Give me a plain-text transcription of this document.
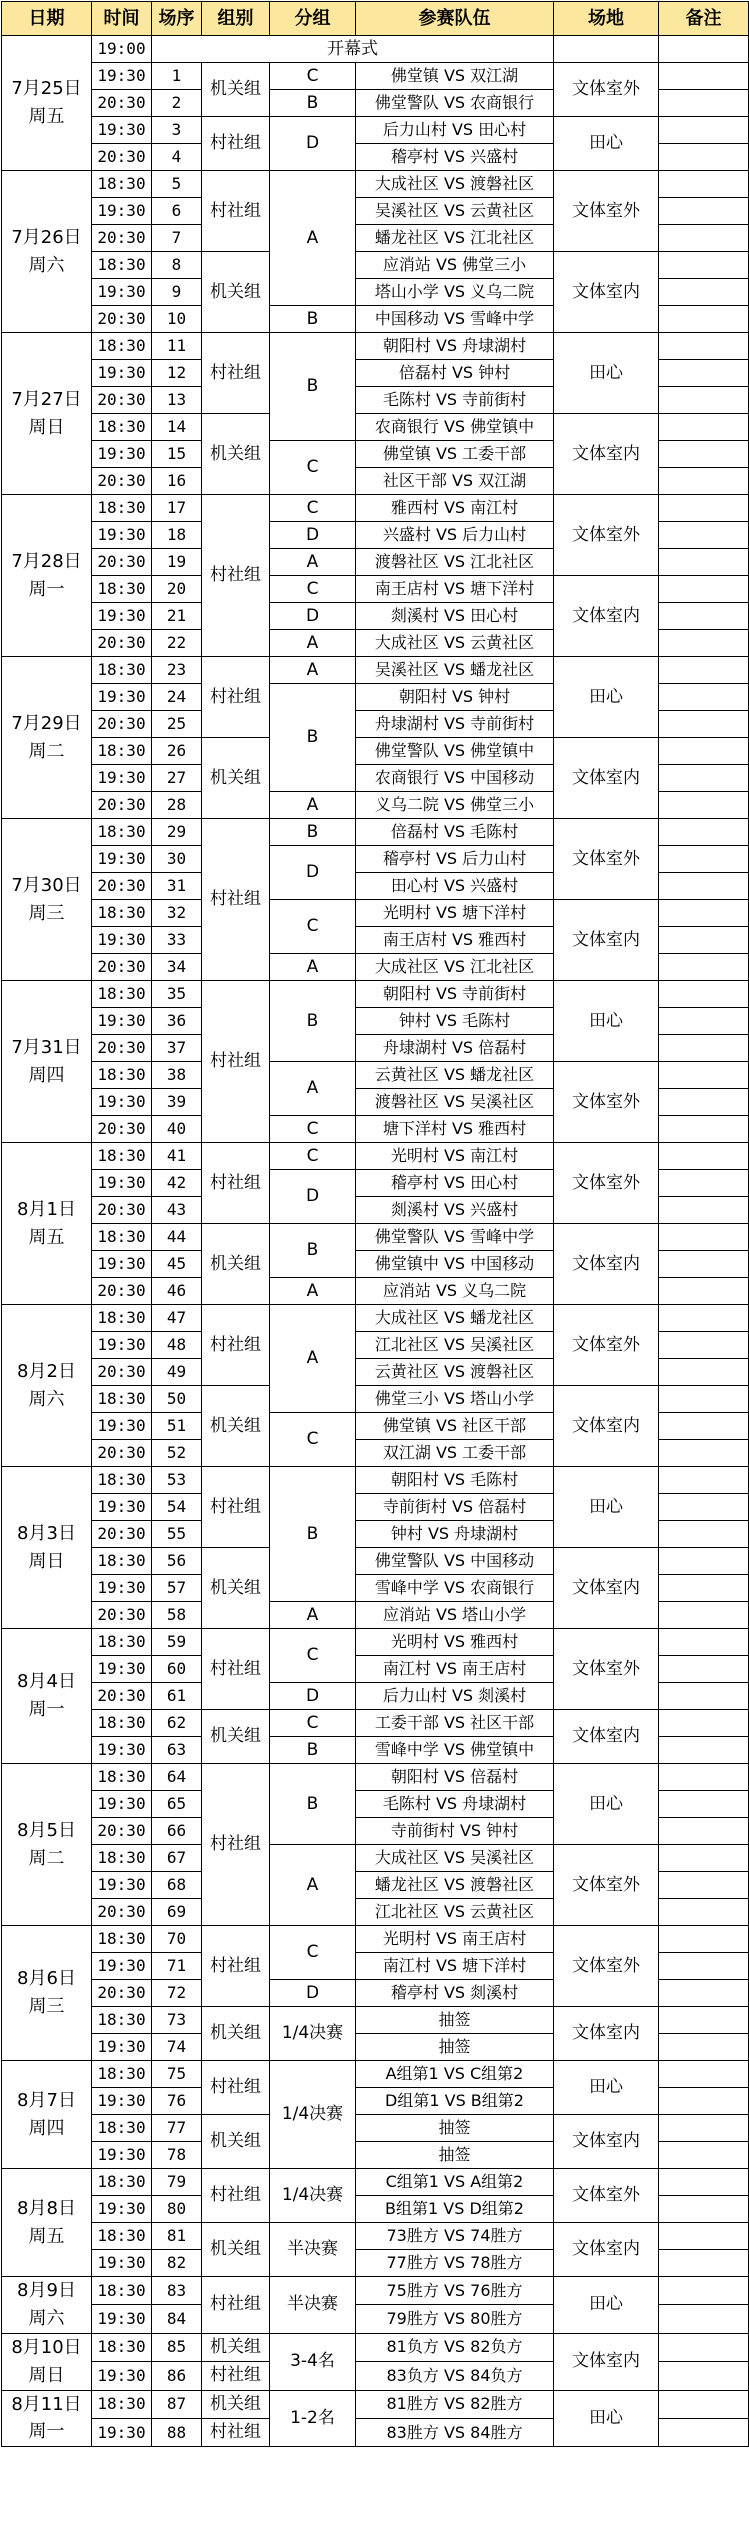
日期	时间	场序	组别	分组	参赛队伍	场地	备注

7月25日
周五	19:00	开幕式					
	19:30	1	机关组	C	佛堂镇 VS 双江湖	文体室外	
	20:30	2		B	佛堂警队 VS 农商银行		
	19:30	3	村社组	D	后力山村 VS 田心村	田心	
	20:30	4			稽亭村 VS 兴盛村		

7月26日
周六	18:30	5	村社组	A	大成社区 VS 渡磐社区	文体室外	
	19:30	6			吴溪社区 VS 云黄社区		
	20:30	7			蟠龙社区 VS 江北社区		
	18:30	8	机关组		应消站 VS 佛堂三小	文体室内	
	19:30	9			塔山小学 VS 义乌二院		
	20:30	10		B	中国移动 VS 雪峰中学		

7月27日
周日	18:30	11	村社组	B	朝阳村 VS 舟埭湖村	田心	
	19:30	12			倍磊村 VS 钟村		
	20:30	13			毛陈村 VS 寺前街村		
	18:30	14	机关组		农商银行 VS 佛堂镇中	文体室内	
	19:30	15		C	佛堂镇 VS 工委干部		
	20:30	16			社区干部 VS 双江湖		

7月28日
周一	18:30	17	村社组	C	雅西村 VS 南江村	文体室外	
	19:30	18		D	兴盛村 VS 后力山村		
	20:30	19		A	渡磐社区 VS 江北社区		
	18:30	20		C	南王店村 VS 塘下洋村	文体室内	
	19:30	21		D	剡溪村 VS 田心村		
	20:30	22		A	大成社区 VS 云黄社区		

7月29日
周二	18:30	23	村社组	A	吴溪社区 VS 蟠龙社区	田心	
	19:30	24		B	朝阳村 VS 钟村		
	20:30	25			舟埭湖村 VS 寺前街村		
	18:30	26	机关组		佛堂警队 VS 佛堂镇中	文体室内	
	19:30	27			农商银行 VS 中国移动		
	20:30	28		A	义乌二院 VS 佛堂三小		

7月30日
周三	18:30	29	村社组	B	倍磊村 VS 毛陈村	文体室外	
	19:30	30		D	稽亭村 VS 后力山村		
	20:30	31			田心村 VS 兴盛村		
	18:30	32		C	光明村 VS 塘下洋村	文体室内	
	19:30	33			南王店村 VS 雅西村		
	20:30	34		A	大成社区 VS 江北社区		

7月31日
周四	18:30	35	村社组	B	朝阳村 VS 寺前街村	田心	
	19:30	36			钟村 VS 毛陈村		
	20:30	37			舟埭湖村 VS 倍磊村		
	18:30	38		A	云黄社区 VS 蟠龙社区	文体室外	
	19:30	39			渡磐社区 VS 吴溪社区		
	20:30	40		C	塘下洋村 VS 雅西村		

8月1日
周五	18:30	41	村社组	C	光明村 VS 南江村	文体室外	
	19:30	42		D	稽亭村 VS 田心村		
	20:30	43			剡溪村 VS 兴盛村		
	18:30	44	机关组	B	佛堂警队 VS 雪峰中学	文体室内	
	19:30	45			佛堂镇中 VS 中国移动		
	20:30	46		A	应消站 VS 义乌二院		

8月2日
周六	18:30	47	村社组	A	大成社区 VS 蟠龙社区	文体室外	
	19:30	48			江北社区 VS 吴溪社区		
	20:30	49			云黄社区 VS 渡磐社区		
	18:30	50	机关组		佛堂三小 VS 塔山小学	文体室内	
	19:30	51		C	佛堂镇 VS 社区干部		
	20:30	52			双江湖 VS 工委干部		

8月3日
周日	18:30	53	村社组	B	朝阳村 VS 毛陈村	田心	
	19:30	54			寺前街村 VS 倍磊村		
	20:30	55			钟村 VS 舟埭湖村		
	18:30	56	机关组		佛堂警队 VS 中国移动	文体室内	
	19:30	57			雪峰中学 VS 农商银行		
	20:30	58		A	应消站 VS 塔山小学		

8月4日
周一	18:30	59	村社组	C	光明村 VS 雅西村	文体室外	
	19:30	60			南江村 VS 南王店村		
	20:30	61		D	后力山村 VS 剡溪村		
	18:30	62	机关组	C	工委干部 VS 社区干部	文体室内	
	19:30	63		B	雪峰中学 VS 佛堂镇中		

8月5日
周二	18:30	64	村社组	B	朝阳村 VS 倍磊村	田心	
	19:30	65			毛陈村 VS 舟埭湖村		
	20:30	66			寺前街村 VS 钟村		
	18:30	67		A	大成社区 VS 吴溪社区	文体室外	
	19:30	68			蟠龙社区 VS 渡磐社区		
	20:30	69			江北社区 VS 云黄社区		

8月6日
周三	18:30	70	村社组	C	光明村 VS 南王店村	文体室外	
	19:30	71			南江村 VS 塘下洋村		
	20:30	72		D	稽亭村 VS 剡溪村		
	18:30	73	机关组	1/4决赛	抽签	文体室内	
	19:30	74			抽签		

8月7日
周四	18:30	75	村社组	1/4决赛	A组第1 VS C组第2	田心	
	19:30	76			D组第1 VS B组第2		
	18:30	77	机关组		抽签	文体室内	
	19:30	78			抽签		

8月8日
周五	18:30	79	村社组	1/4决赛	C组第1 VS A组第2	文体室外	
	19:30	80			B组第1 VS D组第2		
	18:30	81	机关组	半决赛	73胜方 VS 74胜方	文体室内	
	19:30	82			77胜方 VS 78胜方		

8月9日
周六	18:30	83	村社组	半决赛	75胜方 VS 76胜方	田心	
	19:30	84			79胜方 VS 80胜方		

8月10日
周日	18:30	85	机关组	3-4名	81负方 VS 82负方	文体室内	
	19:30	86	村社组		83负方 VS 84负方		

8月11日
周一	18:30	87	机关组	1-2名	81胜方 VS 82胜方	田心	
	19:30	88	村社组		83胜方 VS 84胜方		
